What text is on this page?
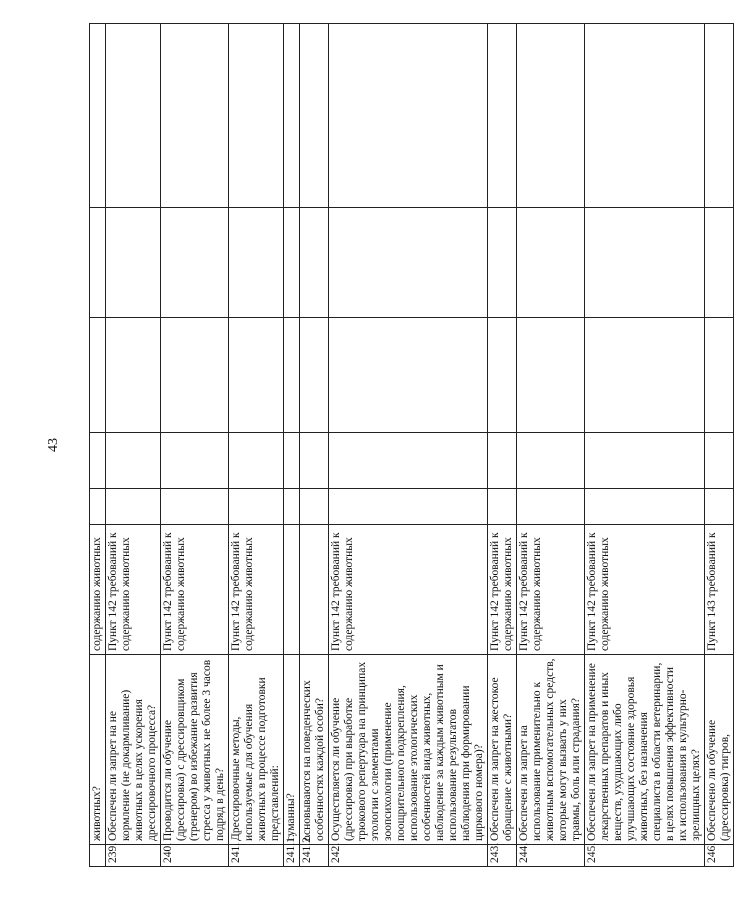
43
	животных?	содержанию животных					
239.	Обеспечен ли запрет на не кормление (не докармливание) животных в целях ускорения дрессировочного процесса?	Пункт 142 требований к содержанию животных					
240.	Проводится ли обучение (дрессировка) с дрессировщиком (тренером) во избежание развития стресса у животных не более 3 часов подряд в день?	Пункт 142 требований к содержанию животных					
241.	Дрессировочные методы, используемые для обучения животных в процессе подготовки представлений:	Пункт 142 требований к содержанию животных					
241.1.	гуманны?						
241.2.	основываются на поведенческих особенностях каждой особи?						
242.	Осуществляется ли обучение (дрессировка) при выработке трюкового репертуара на принципах этологии с элементами зоопсихологии (применение поощрительного подкрепления, использование этологических особенностей вида животных, наблюдение за каждым животным и использование результатов наблюдения при формировании циркового номера)?	Пункт 142 требований к содержанию животных					
243.	Обеспечен ли запрет на жестокое обращение с животными?	Пункт 142 требований к содержанию животных					
244.	Обеспечен ли запрет на использование применительно к животным вспомогательных средств, которые могут вызвать у них травмы, боль или страдания?	Пункт 142 требований к содержанию животных					
245.	Обеспечен ли запрет на применение лекарственных препаратов и иных веществ, ухудшающих либо улучшающих состояние здоровья животных, без назначения специалиста в области ветеринарии, в целях повышения эффективности их использования в культурно-зрелищных целях?	Пункт 142 требований к содержанию животных					
246.	Обеспечено ли обучение (дрессировка) тигров,	Пункт 143 требований к					
